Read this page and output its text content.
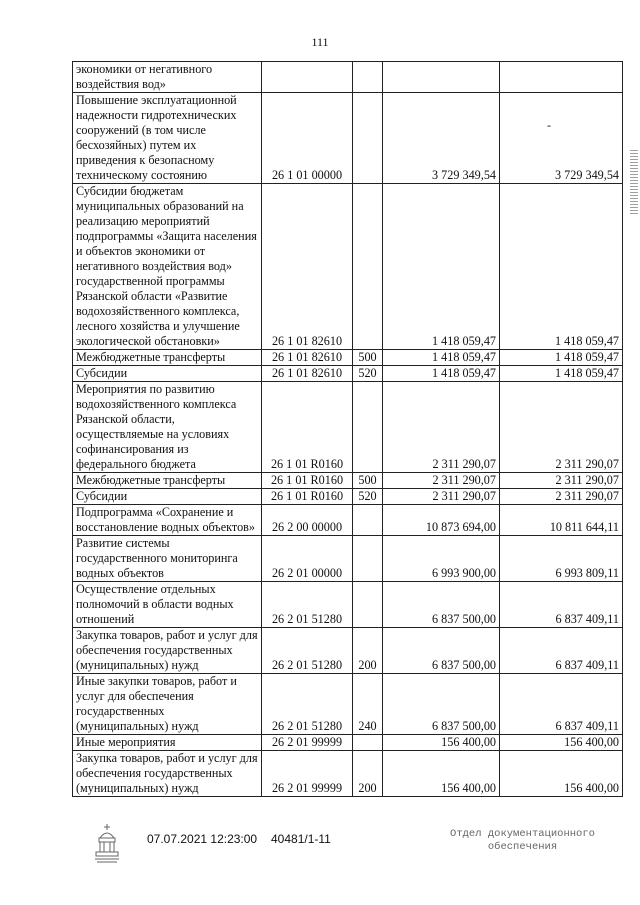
111
экономики от негативного воздействия вод»				
Повышение эксплуатационной надежности гидротехнических сооружений (в том числе бесхозяйных) путем их приведения к безопасному техническому состоянию	26 1 01 00000		3 729 349,54	3 729 349,54
Субсидии бюджетам муниципальных образований на реализацию мероприятий подпрограммы «Защита населения и объектов экономики от негативного воздействия вод» государственной программы Рязанской области «Развитие водохозяйственного комплекса, лесного хозяйства и улучшение экологической обстановки»	26 1 01 82610		1 418 059,47	1 418 059,47
Межбюджетные трансферты	26 1 01 82610	500	1 418 059,47	1 418 059,47
Субсидии	26 1 01 82610	520	1 418 059,47	1 418 059,47
Мероприятия по развитию водохозяйственного комплекса Рязанской области, осуществляемые на условиях софинансирования из федерального бюджета	26 1 01 R0160		2 311 290,07	2 311 290,07
Межбюджетные трансферты	26 1 01 R0160	500	2 311 290,07	2 311 290,07
Субсидии	26 1 01 R0160	520	2 311 290,07	2 311 290,07
Подпрограмма «Сохранение и восстановление водных объектов»	26 2 00 00000		10 873 694,00	10 811 644,11
Развитие системы государственного мониторинга водных объектов	26 2 01 00000		6 993 900,00	6 993 809,11
Осуществление отдельных полномочий в области водных отношений	26 2 01 51280		6 837 500,00	6 837 409,11
Закупка товаров, работ и услуг для обеспечения государственных (муниципальных) нужд	26 2 01 51280	200	6 837 500,00	6 837 409,11
Иные закупки товаров, работ и услуг для обеспечения государственных (муниципальных) нужд	26 2 01 51280	240	6 837 500,00	6 837 409,11
Иные мероприятия	26 2 01 99999		156 400,00	156 400,00
Закупка товаров, работ и услуг для обеспечения государственных (муниципальных) нужд	26 2 01 99999	200	156 400,00	156 400,00
-
07.07.2021 12:23:00 40481/1-11	Отдел документационного обеспечения
